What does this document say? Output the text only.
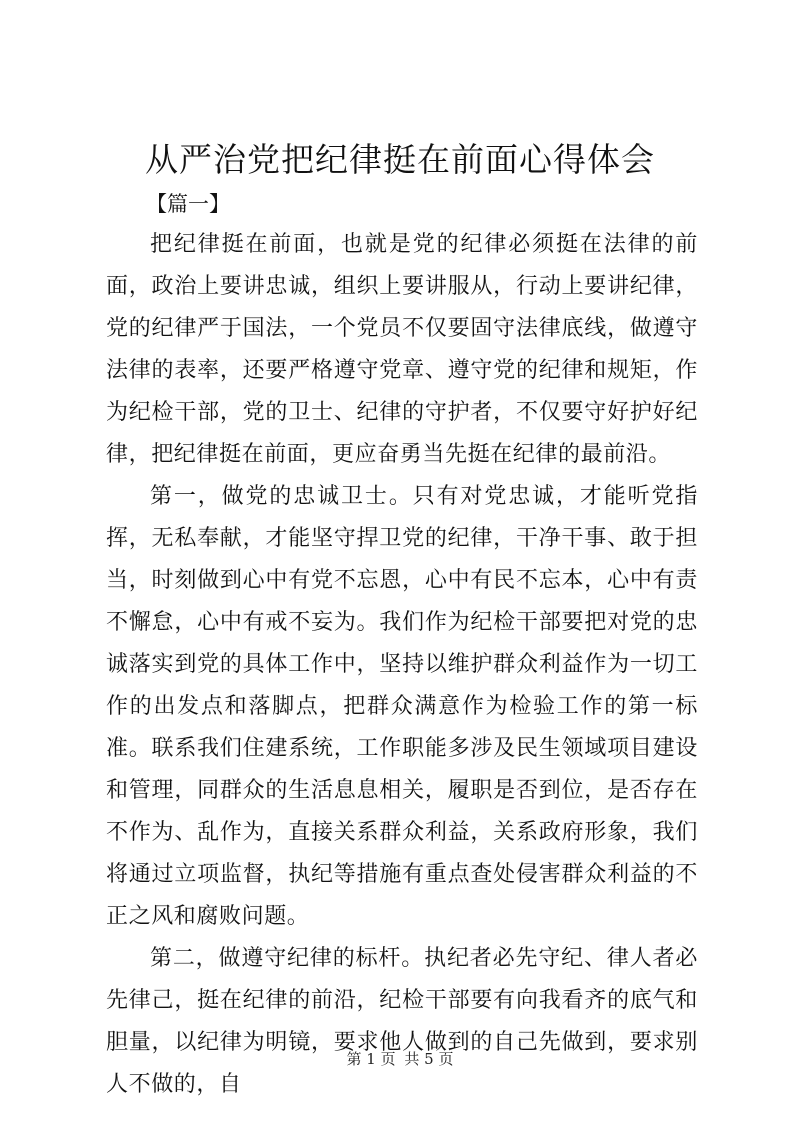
从严治党把纪律挺在前面心得体会

【篇一】

把纪律挺在前面，也就是党的纪律必须挺在法律的前面，政治上要讲忠诚，组织上要讲服从，行动上要讲纪律，党的纪律严于国法，一个党员不仅要固守法律底线，做遵守法律的表率，还要严格遵守党章、遵守党的纪律和规矩，作为纪检干部，党的卫士、纪律的守护者，不仅要守好护好纪律，把纪律挺在前面，更应奋勇当先挺在纪律的最前沿。

第一，做党的忠诚卫士。只有对党忠诚，才能听党指挥，无私奉献，才能坚守捍卫党的纪律，干净干事、敢于担当，时刻做到心中有党不忘恩，心中有民不忘本，心中有责不懈怠，心中有戒不妄为。我们作为纪检干部要把对党的忠诚落实到党的具体工作中，坚持以维护群众利益作为一切工作的出发点和落脚点，把群众满意作为检验工作的第一标准。联系我们住建系统，工作职能多涉及民生领域项目建设和管理，同群众的生活息息相关，履职是否到位，是否存在不作为、乱作为，直接关系群众利益，关系政府形象，我们将通过立项监督，执纪等措施有重点查处侵害群众利益的不正之风和腐败问题。

第二，做遵守纪律的标杆。执纪者必先守纪、律人者必先律己，挺在纪律的前沿，纪检干部要有向我看齐的底气和胆量，以纪律为明镜，要求他人做到的自己先做到，要求别人不做的，自

第 1 页 共 5 页
